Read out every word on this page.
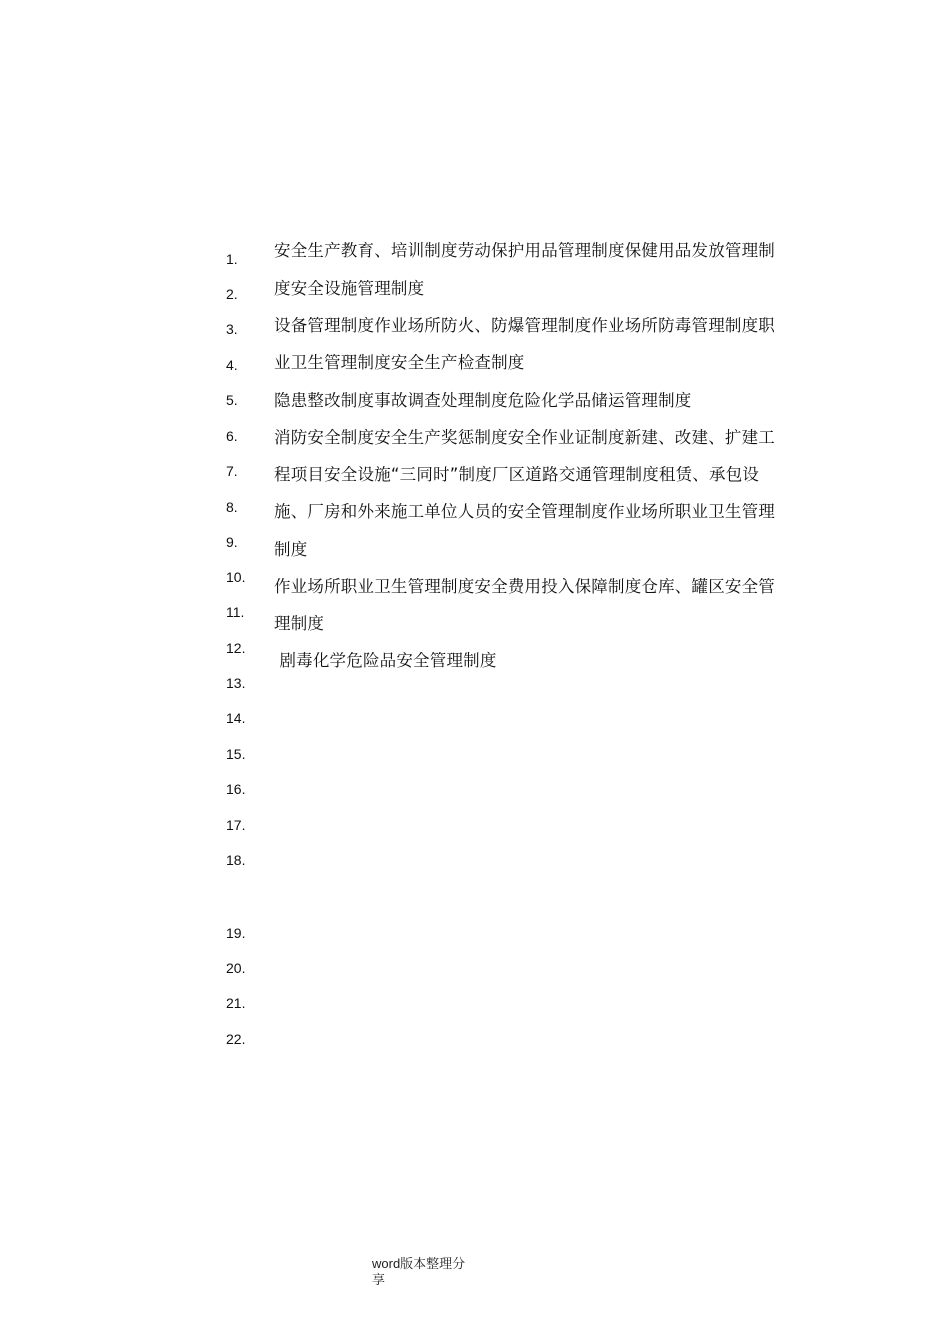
1.
2.
3.
4.
5.
6.
7.
8.
9.
10.
11.
12.
13.
14.
15.
16.
17.
18.
19.
20.
21.
22.
安全生产教育、培训制度劳动保护用品管理制度保健用品发放管理制
度安全设施管理制度
设备管理制度作业场所防火、防爆管理制度作业场所防毒管理制度职
业卫生管理制度安全生产检查制度
隐患整改制度事故调查处理制度危险化学品储运管理制度
消防安全制度安全生产奖惩制度安全作业证制度新建、改建、扩建工
程项目安全设施“三同时”制度厂区道路交通管理制度租赁、承包设
施、厂房和外来施工单位人员的安全管理制度作业场所职业卫生管理
制度
作业场所职业卫生管理制度安全费用投入保障制度仓库、罐区安全管
理制度
剧毒化学危险品安全管理制度
word版本整理分
享
